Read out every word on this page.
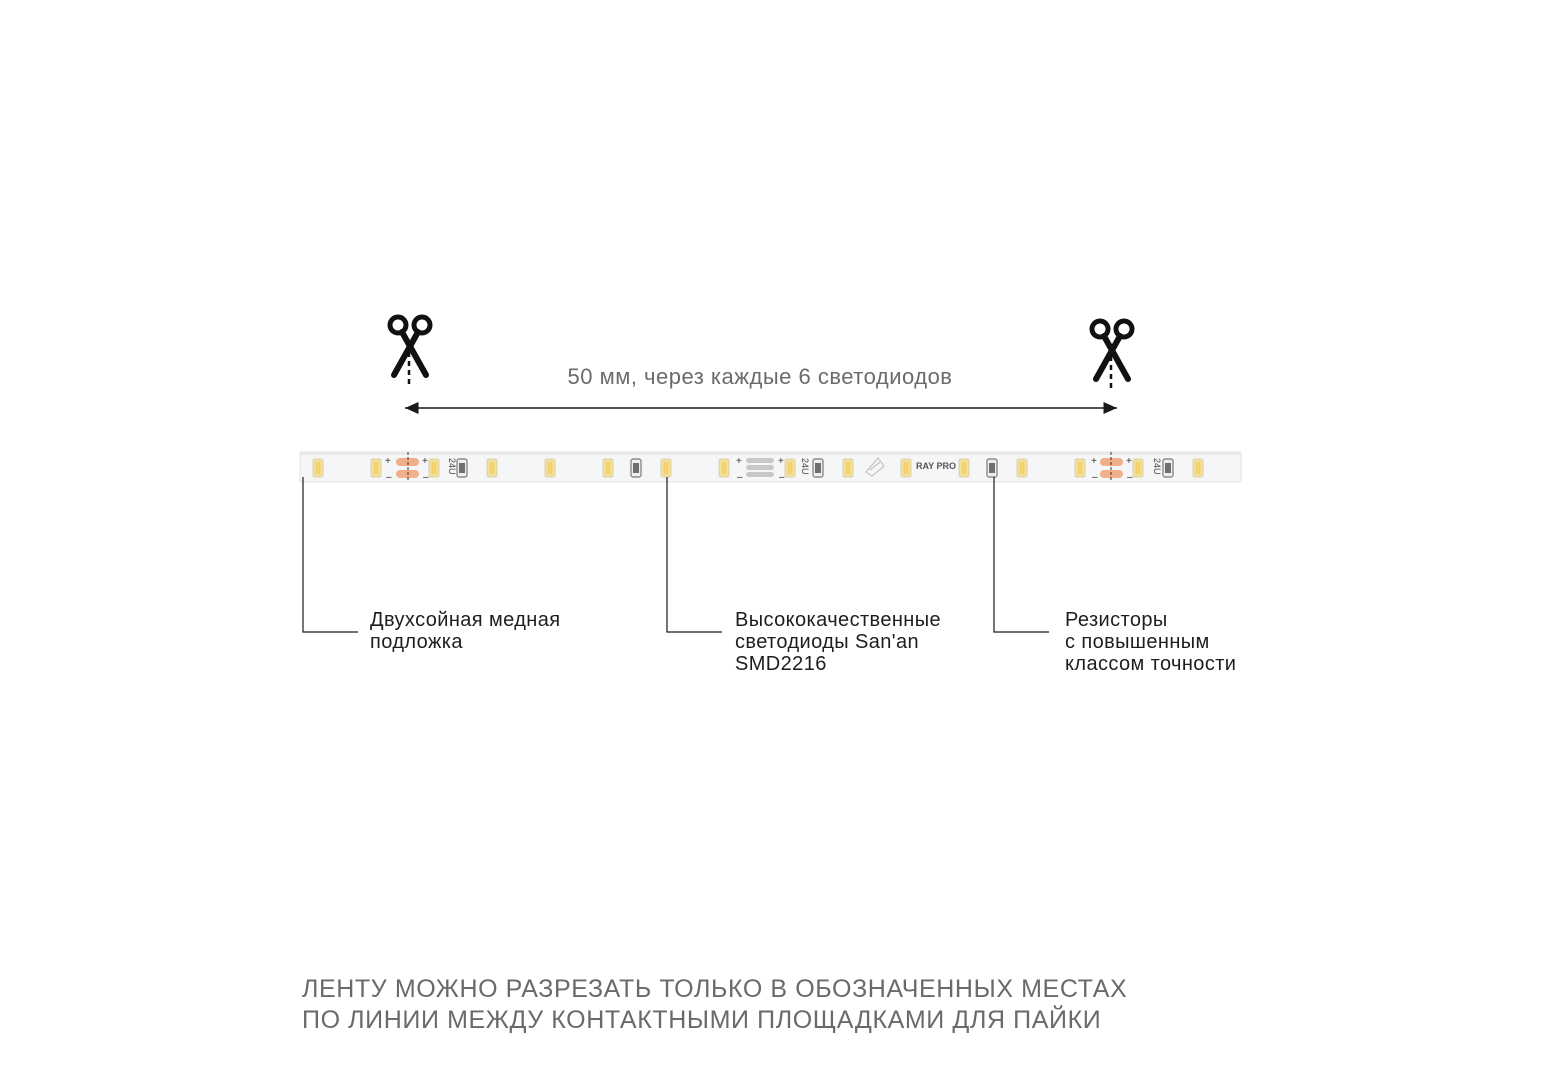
+
–
+
–
+
–
+
–
+
–
+
–
24U	24U	24U
RAY PRO
50 мм, через каждые 6 светодиодов
Двухсойная медная
подложка
Высококачественные
светодиоды San'an
SMD2216
Резисторы
с повышенным
классом точности
ЛЕНТУ МОЖНО РАЗРЕЗАТЬ ТОЛЬКО В ОБОЗНАЧЕННЫХ МЕСТАХ
ПО ЛИНИИ МЕЖДУ КОНТАКТНЫМИ ПЛОЩАДКАМИ ДЛЯ ПАЙКИ
